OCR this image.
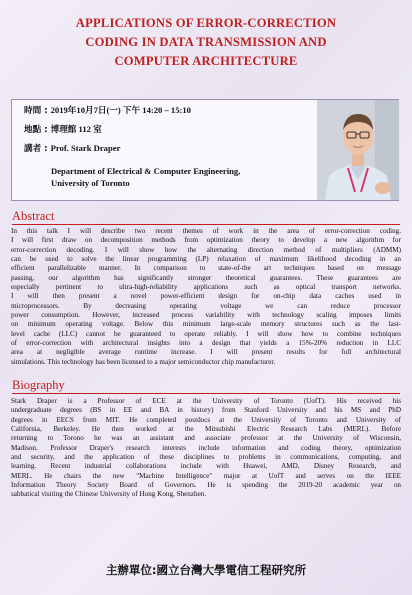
APPLICATIONS OF ERROR-CORRECTION
CODING IN DATA TRANSMISSION AND
COMPUTER ARCHITECTURE
時間 : 2019年10月7日(一) 下午 14:20 – 15:10
地點 : 博理館 112 室
講者 : Prof. Stark Draper
Department of Electrical & Computer Engineering,
University of Toronto
Abstract
In this talk I will describe two recent themes of work in the area of error-correction coding.
I will first draw on decomposition methods from optimization theory to develop a new algorithm for
error-correction decoding. I will show how the alternating direction method of multipliers (ADMM)
can be used to solve the linear programming (LP) relaxation of maximum likelihood decoding in an
efficient parallelizable manner. In comparison to state-of-the art techniques based on message
passing, our algorithm has significantly stronger theoretical guarantees. These guarantees are
especially pertinent to ultra-high-reliability applications such as optical transport networks.
I will then present a novel power-efficient design for on-chip data caches used in
microprocessors. By decreasing operating voltage we can reduce processor
power consumption. However, increased process variability with technology scaling imposes limits
on minimum operating voltage. Below this minimum large-scale memory structures such as the last-
level cache (LLC) cannot be guaranteed to operate reliably. I will show how to combine techniques
of error-correction with architectural insights into a design that yields a 15%-20% reduction in LLC
area at negligible average runtime increase. I will present results for full architectural
simulations. This technology has been licensed to a major semiconductor chip manufacturer.
Biography
Stark Draper is a Professor of ECE at the University of Toronto (UofT). His received his
undergraduate degrees (BS in EE and BA in history) from Stanford University and his MS and PhD
degrees in EECS from MIT. He completed postdocs at the University of Toronto and University of
California, Berkeley. He then worked at the Mitsubishi Electric Research Labs (MERL). Before
returning to Torono he was an assistant and associate professor at the University of Wisconsin,
Madison. Professor Draper's research interests include information and coding theory, optimization
and security, and the application of these disciplines to problems in communications, computing, and
learning. Recent industrial collaborations include with Huawei, AMD, Disney Research, and
MERL. He chairs the new "Machine Intelligence" major at UofT and serves on the IEEE
Information Theory Society Board of Governors. He is spending the 2019-20 academic year on
sabbatical visiting the Chinese University of Hong Kong, Shenzhen.
主辦單位:國立台灣大學電信工程研究所
